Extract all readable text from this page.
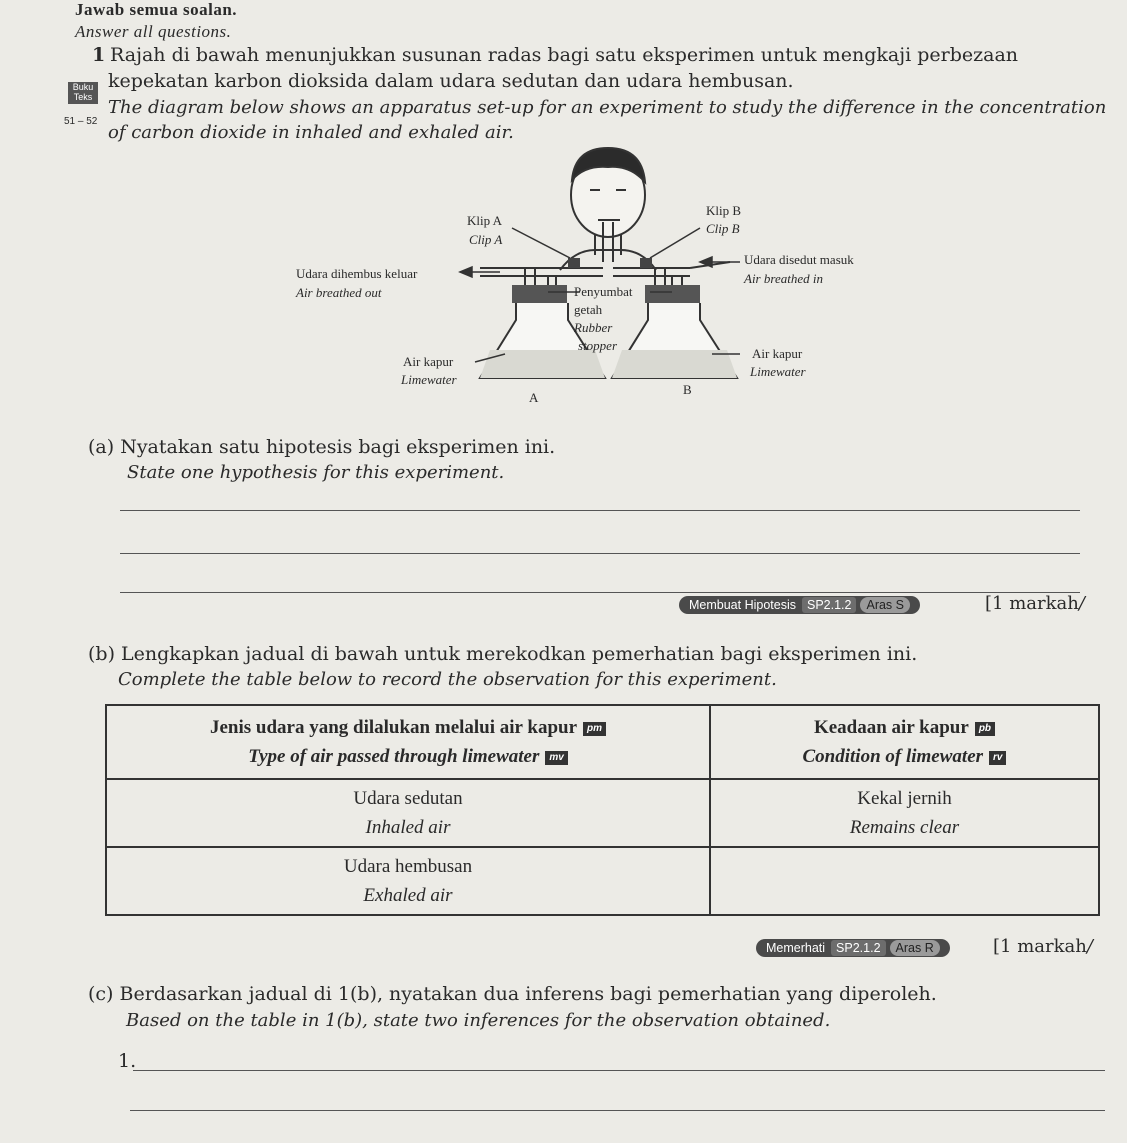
Jawab semua soalan.
Answer all questions.
Buku Teks
51 – 52
1 Rajah di bawah menunjukkan susunan radas bagi satu eksperimen untuk mengkaji perbezaan
kepekatan karbon dioksida dalam udara sedutan dan udara hembusan.
The diagram below shows an apparatus set-up for an experiment to study the difference in the concentration
of carbon dioxide in inhaled and exhaled air.
Klip A
Clip A
Klip B
Clip B
Udara dihembus keluar
Air breathed out
Udara disedut masuk
Air breathed in
Penyumbat
getah
Rubber
stopper
Air kapur
Limewater
Air kapur
Limewater
A
B
(a) Nyatakan satu hipotesis bagi eksperimen ini.
State one hypothesis for this experiment.
Membuat Hipotesis SP2.1.2 Aras S	[1 markah/
(b) Lengkapkan jadual di bawah untuk merekodkan pemerhatian bagi eksperimen ini.
Complete the table below to record the observation for this experiment.
Jenis udara yang dilalukan melalui air kapur pm
Type of air passed through limewater mv	Keadaan air kapur pb
Condition of limewater rv

Udara sedutan
Inhaled air	Kekal jernih
Remains clear

Udara hembusan
Exhaled air	

Memerhati SP2.1.2 Aras R	[1 markah/
(c) Berdasarkan jadual di 1(b), nyatakan dua inferens bagi pemerhatian yang diperoleh.
Based on the table in 1(b), state two inferences for the observation obtained.
1.
